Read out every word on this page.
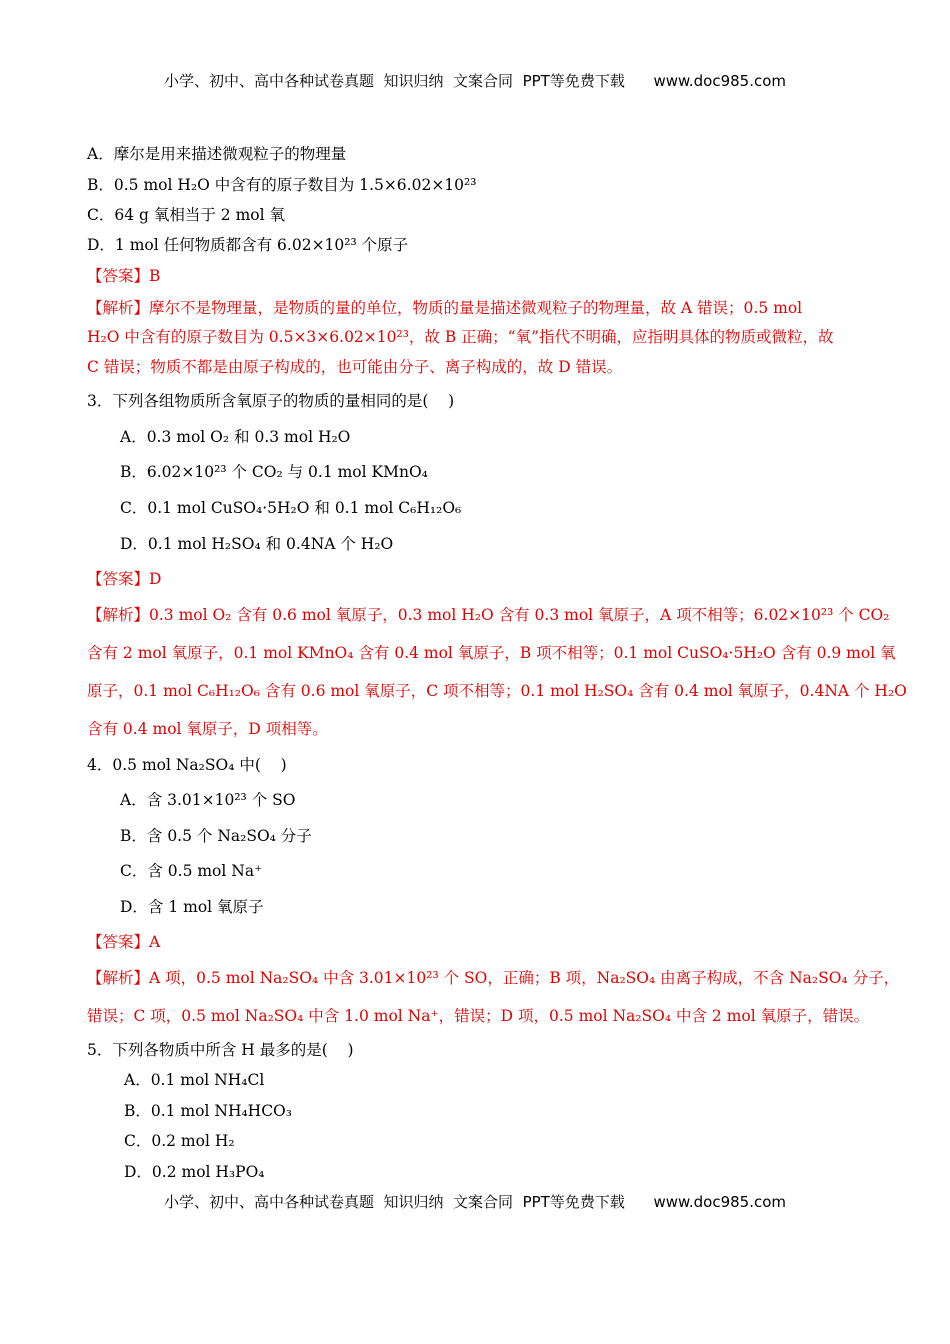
小学、初中、高中各种试卷真题  知识归纳  文案合同  PPT等免费下载 www.doc985.com
A．摩尔是用来描述微观粒子的物理量
B．0.5 mol H₂O 中含有的原子数目为 1.5×6.02×10²³
C．64 g 氧相当于 2 mol 氧
D．1 mol 任何物质都含有 6.02×10²³ 个原子
【答案】B
【解析】摩尔不是物理量，是物质的量的单位，物质的量是描述微观粒子的物理量，故 A 错误；0.5 mol
H₂O 中含有的原子数目为 0.5×3×6.02×10²³，故 B 正确；“氧”指代不明确，应指明具体的物质或微粒，故
C 错误；物质不都是由原子构成的，也可能由分子、离子构成的，故 D 错误。
3．下列各组物质所含氧原子的物质的量相同的是(    )
A．0.3 mol O₂ 和 0.3 mol H₂O
B．6.02×10²³ 个 CO₂ 与 0.1 mol KMnO₄
C．0.1 mol CuSO₄·5H₂O 和 0.1 mol C₆H₁₂O₆
D．0.1 mol H₂SO₄ 和 0.4NA 个 H₂O
【答案】D
【解析】0.3 mol O₂ 含有 0.6 mol 氧原子，0.3 mol H₂O 含有 0.3 mol 氧原子，A 项不相等；6.02×10²³ 个 CO₂
含有 2 mol 氧原子，0.1 mol KMnO₄ 含有 0.4 mol 氧原子，B 项不相等；0.1 mol CuSO₄·5H₂O 含有 0.9 mol 氧
原子，0.1 mol C₆H₁₂O₆ 含有 0.6 mol 氧原子，C 项不相等；0.1 mol H₂SO₄ 含有 0.4 mol 氧原子，0.4NA 个 H₂O
含有 0.4 mol 氧原子，D 项相等。
4．0.5 mol Na₂SO₄ 中(    )
A．含 3.01×10²³ 个 SO
B．含 0.5 个 Na₂SO₄ 分子
C．含 0.5 mol Na⁺
D．含 1 mol 氧原子
【答案】A
【解析】A 项，0.5 mol Na₂SO₄ 中含 3.01×10²³ 个 SO，正确；B 项，Na₂SO₄ 由离子构成，不含 Na₂SO₄ 分子，
错误；C 项，0.5 mol Na₂SO₄ 中含 1.0 mol Na⁺，错误；D 项，0.5 mol Na₂SO₄ 中含 2 mol 氧原子，错误。
5．下列各物质中所含 H 最多的是(    )
A．0.1 mol NH₄Cl
B．0.1 mol NH₄HCO₃
C．0.2 mol H₂
D．0.2 mol H₃PO₄
小学、初中、高中各种试卷真题  知识归纳  文案合同  PPT等免费下载 www.doc985.com
